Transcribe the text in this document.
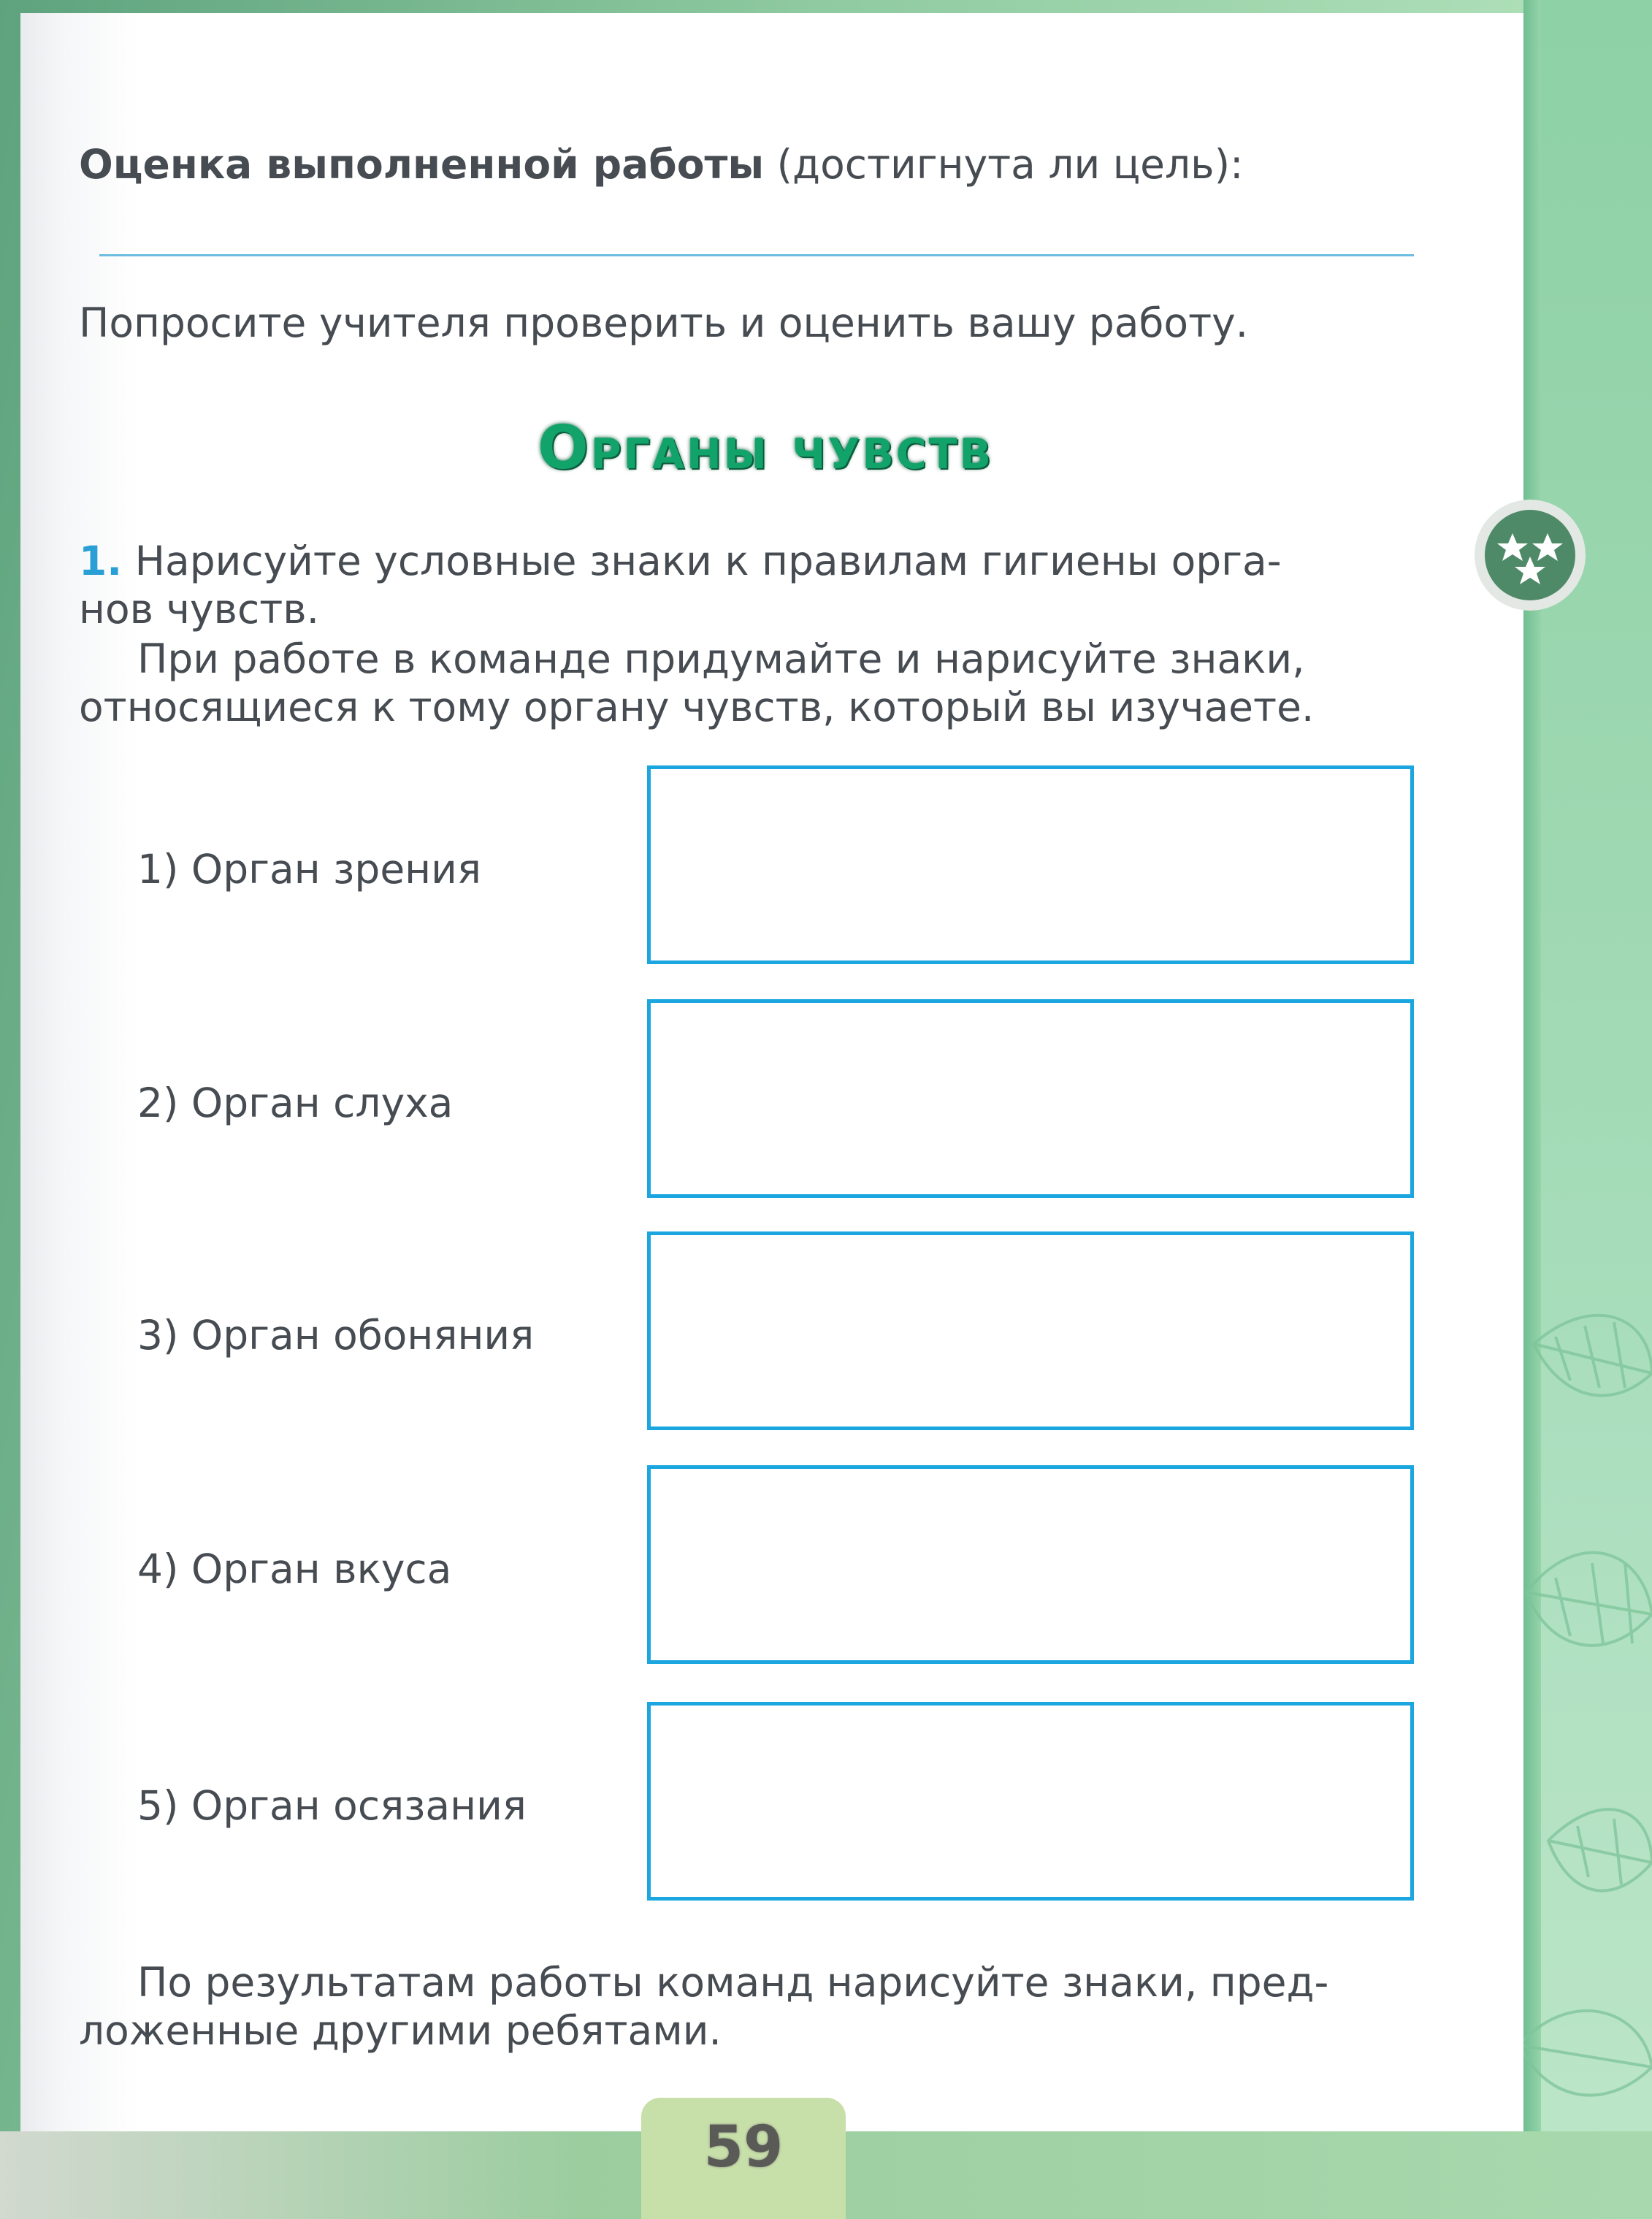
Оценка выполненной работы (достигнута ли цель):

Попросите учителя проверить и оценить вашу работу.

Органы чувств

1. Нарисуйте условные знаки к правилам гигиены орга-

нов чувств.

При работе в команде придумайте и нарисуйте знаки,

относящиеся к тому органу чувств, который вы изучаете.

1) Орган зрения

2) Орган слуха

3) Орган обоняния

4) Орган вкуса

5) Орган осязания

По результатам работы команд нарисуйте знаки, пред-

ложенные другими ребятами.

59
